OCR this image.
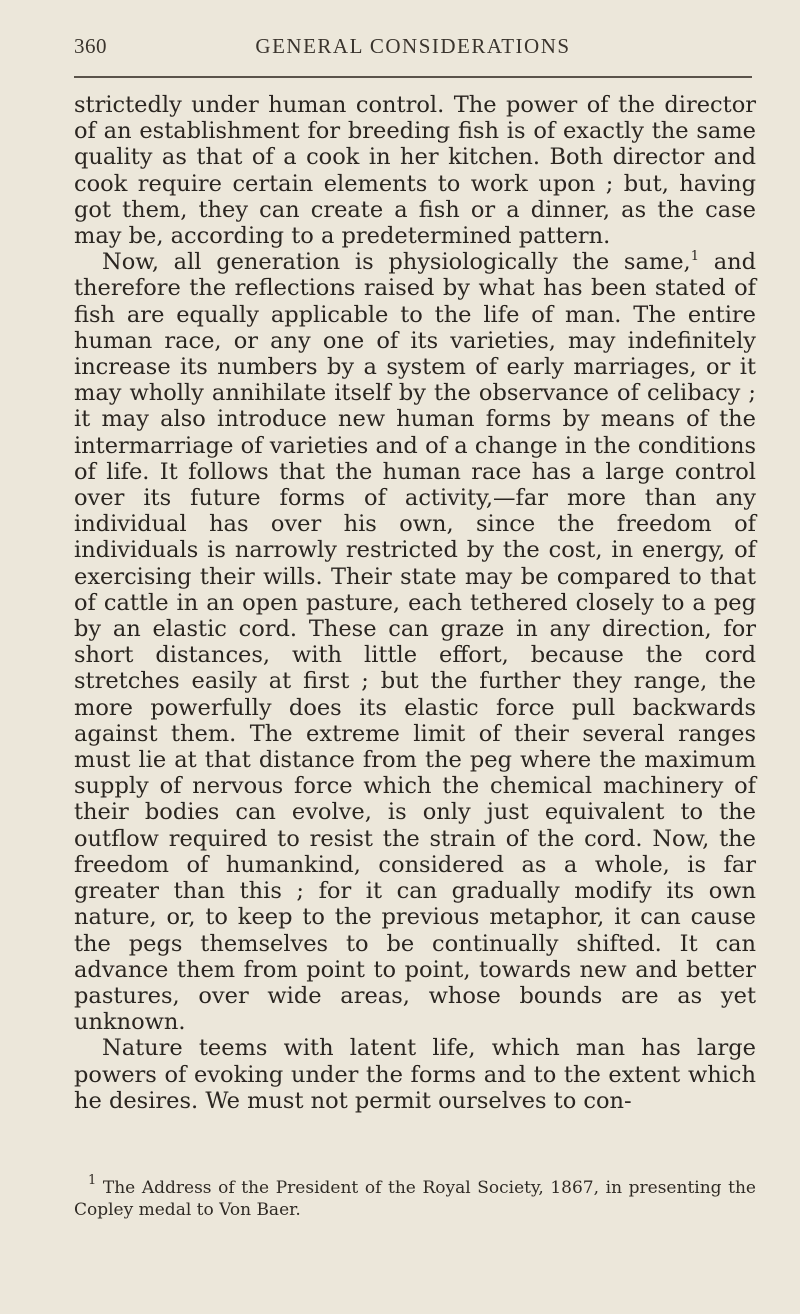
360	GENERAL CONSIDERATIONS

strictedly under human control. The power of the director of an establishment for breeding fish is of exactly the same quality as that of a cook in her kitchen. Both director and cook require certain elements to work upon ; but, having got them, they can create a fish or a dinner, as the case may be, according to a predetermined pattern.

Now, all generation is physiologically the same,$^1$ and therefore the reflections raised by what has been stated of fish are equally applicable to the life of man. The entire human race, or any one of its varieties, may indefinitely increase its numbers by a system of early marriages, or it may wholly annihilate itself by the observance of celibacy ; it may also introduce new human forms by means of the intermarriage of varieties and of a change in the conditions of life. It follows that the human race has a large control over its future forms of activity,—far more than any individual has over his own, since the freedom of individuals is narrowly restricted by the cost, in energy, of exercising their wills. Their state may be compared to that of cattle in an open pasture, each tethered closely to a peg by an elastic cord. These can graze in any direction, for short distances, with little effort, because the cord stretches easily at first ; but the further they range, the more powerfully does its elastic force pull backwards against them. The extreme limit of their several ranges must lie at that distance from the peg where the maximum supply of nervous force which the chemical machinery of their bodies can evolve, is only just equivalent to the outflow required to resist the strain of the cord. Now, the freedom of humankind, considered as a whole, is far greater than this ; for it can gradually modify its own nature, or, to keep to the previous metaphor, it can cause the pegs themselves to be continually shifted. It can advance them from point to point, towards new and better pastures, over wide areas, whose bounds are as yet unknown.

Nature teems with latent life, which man has large powers of evoking under the forms and to the extent which he desires. We must not permit ourselves to con-

$^1$ The Address of the President of the Royal Society, 1867, in presenting the Copley medal to Von Baer.
